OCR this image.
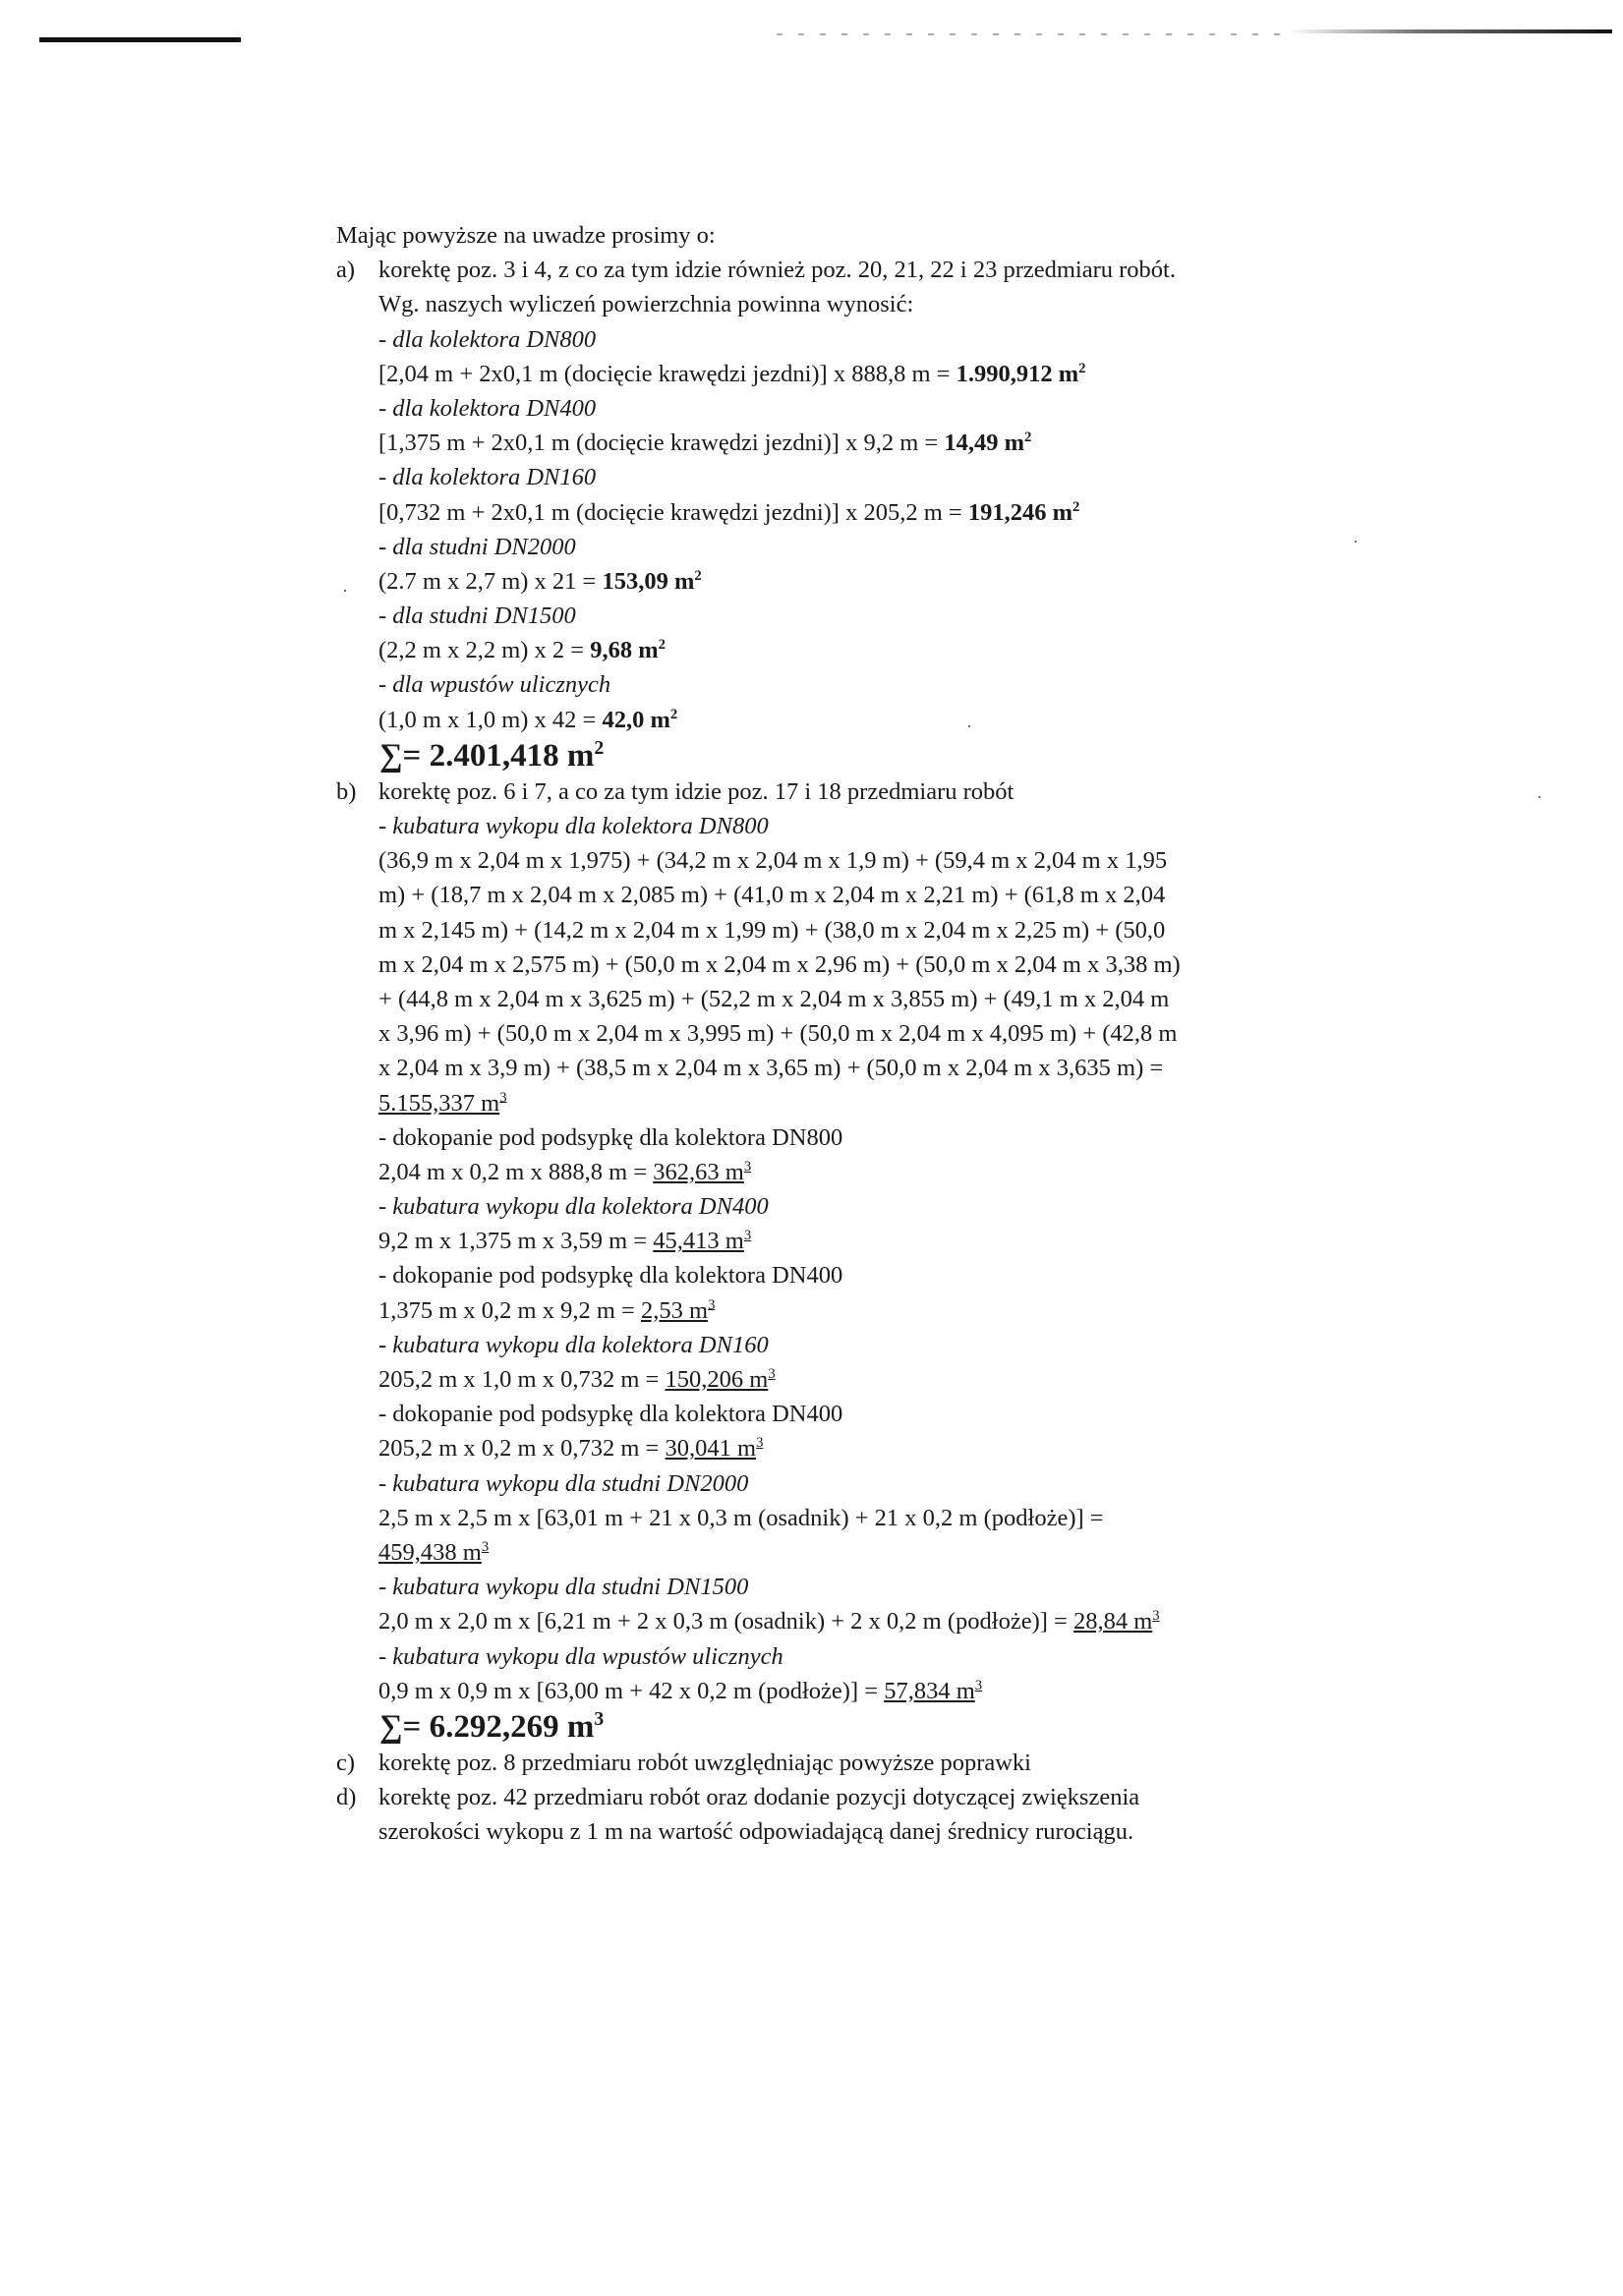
Mając powyższe na uwadze prosimy o:

a) korektę poz. 3 i 4, z co za tym idzie również poz. 20, 21, 22 i 23 przedmiaru robót.

Wg. naszych wyliczeń powierzchnia powinna wynosić:

- dla kolektora DN800

[2,04 m + 2x0,1 m (docięcie krawędzi jezdni)] x 888,8 m = 1.990,912 $m^2$

- dla kolektora DN400

[1,375 m + 2x0,1 m (docięcie krawędzi jezdni)] x 9,2 m = 14,49 $m^2$

- dla kolektora DN160

[0,732 m + 2x0,1 m (docięcie krawędzi jezdni)] x 205,2 m = 191,246 $m^2$

- dla studni DN2000

(2.7 m x 2,7 m) x 21 = 153,09 $m^2$

- dla studni DN1500

(2,2 m x 2,2 m) x 2 = 9,68 $m^2$

- dla wpustów ulicznych

(1,0 m x 1,0 m) x 42 = 42,0 $m^2$

∑= 2.401,418 $m^2$

b) korektę poz. 6 i 7, a co za tym idzie poz. 17 i 18 przedmiaru robót

- kubatura wykopu dla kolektora DN800

(36,9 m x 2,04 m x 1,975) + (34,2 m x 2,04 m x 1,9 m) + (59,4 m x 2,04 m x 1,95

m) + (18,7 m x 2,04 m x 2,085 m) + (41,0 m x 2,04 m x 2,21 m) + (61,8 m x 2,04

m x 2,145 m) + (14,2 m x 2,04 m x 1,99 m) + (38,0 m x 2,04 m x 2,25 m) + (50,0

m x 2,04 m x 2,575 m) + (50,0 m x 2,04 m x 2,96 m) + (50,0 m x 2,04 m x 3,38 m)

+ (44,8 m x 2,04 m x 3,625 m) + (52,2 m x 2,04 m x 3,855 m) + (49,1 m x 2,04 m

x 3,96 m) + (50,0 m x 2,04 m x 3,995 m) + (50,0 m x 2,04 m x 4,095 m) + (42,8 m

x 2,04 m x 3,9 m) + (38,5 m x 2,04 m x 3,65 m) + (50,0 m x 2,04 m x 3,635 m) =

5.155,337 $m^3$

- dokopanie pod podsypkę dla kolektora DN800

2,04 m x 0,2 m x 888,8 m = 362,63 $m^3$

- kubatura wykopu dla kolektora DN400

9,2 m x 1,375 m x 3,59 m = 45,413 $m^3$

- dokopanie pod podsypkę dla kolektora DN400

1,375 m x 0,2 m x 9,2 m = 2,53 $m^3$

- kubatura wykopu dla kolektora DN160

205,2 m x 1,0 m x 0,732 m = 150,206 $m^3$

- dokopanie pod podsypkę dla kolektora DN400

205,2 m x 0,2 m x 0,732 m = 30,041 $m^3$

- kubatura wykopu dla studni DN2000

2,5 m x 2,5 m x [63,01 m + 21 x 0,3 m (osadnik) + 21 x 0,2 m (podłoże)] =

459,438 $m^3$

- kubatura wykopu dla studni DN1500

2,0 m x 2,0 m x [6,21 m + 2 x 0,3 m (osadnik) + 2 x 0,2 m (podłoże)] = 28,84 $m^3$

- kubatura wykopu dla wpustów ulicznych

0,9 m x 0,9 m x [63,00 m + 42 x 0,2 m (podłoże)] = 57,834 $m^3$

∑= 6.292,269 $m^3$

c) korektę poz. 8 przedmiaru robót uwzględniając powyższe poprawki

d) korektę poz. 42 przedmiaru robót oraz dodanie pozycji dotyczącej zwiększenia

szerokości wykopu z 1 m na wartość odpowiadającą danej średnicy rurociągu.
